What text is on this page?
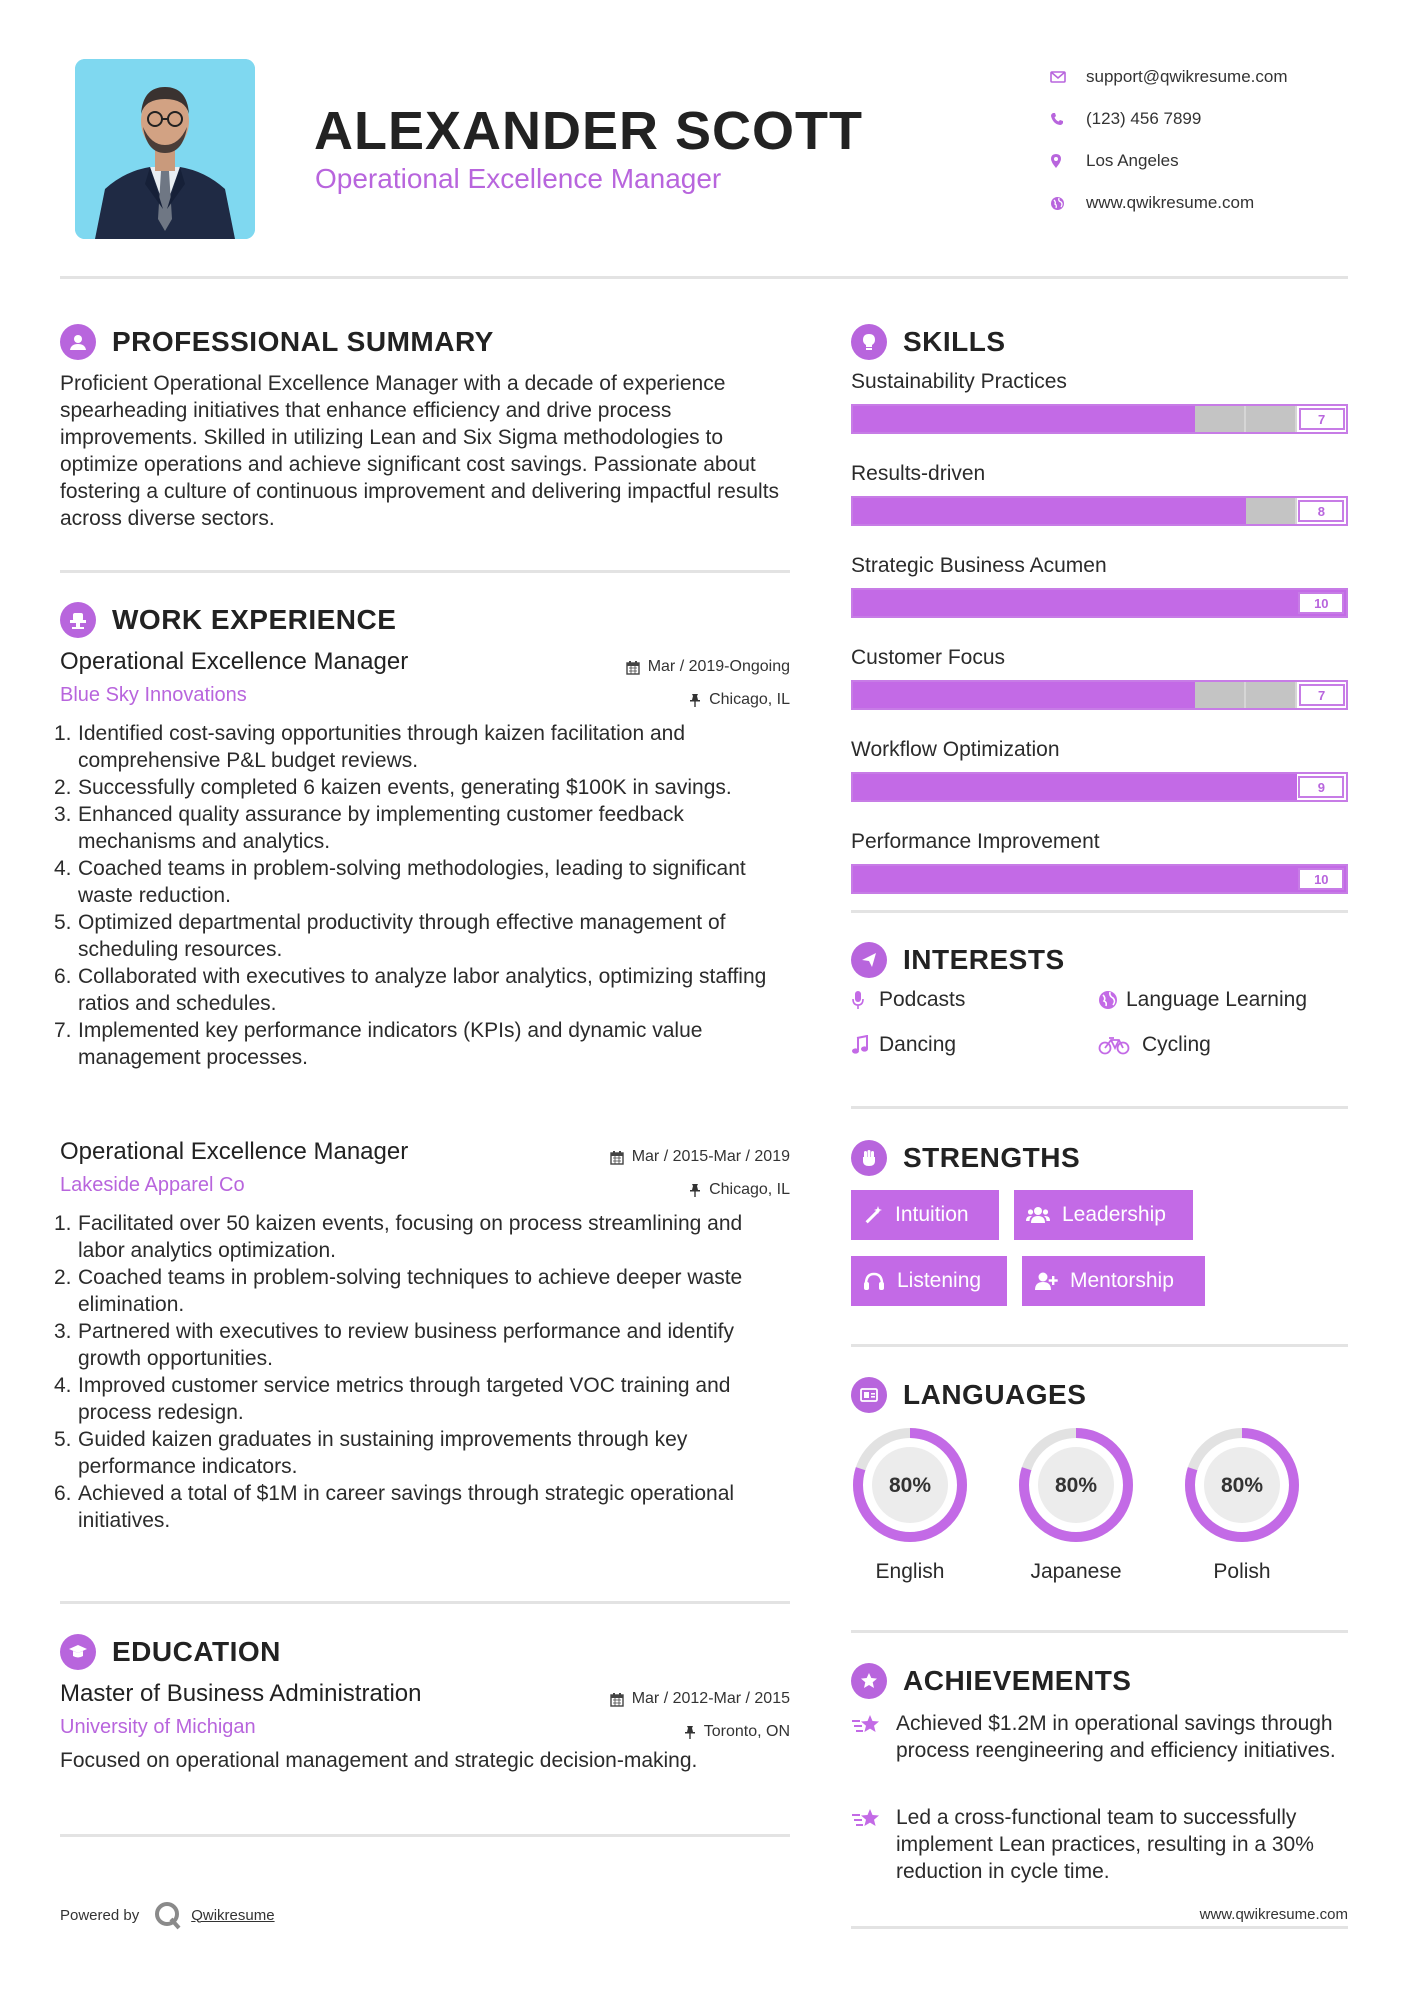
ALEXANDER SCOTT
Operational Excellence Manager
support@qwikresume.com
(123) 456 7899
Los Angeles
www.qwikresume.com
PROFESSIONAL SUMMARY
Proficient Operational Excellence Manager with a decade of experience spearheading initiatives that enhance efficiency and drive process improvements. Skilled in utilizing Lean and Six Sigma methodologies to optimize operations and achieve significant cost savings. Passionate about fostering a culture of continuous improvement and delivering impactful results across diverse sectors.
WORK EXPERIENCE
Operational Excellence Manager	Mar / 2019-Ongoing
Blue Sky Innovations	Chicago, IL
1. Identified cost-saving opportunities through kaizen facilitation and comprehensive P&L budget reviews.
2. Successfully completed 6 kaizen events, generating $100K in savings.
3. Enhanced quality assurance by implementing customer feedback mechanisms and analytics.
4. Coached teams in problem-solving methodologies, leading to significant waste reduction.
5. Optimized departmental productivity through effective management of scheduling resources.
6. Collaborated with executives to analyze labor analytics, optimizing staffing ratios and schedules.
7. Implemented key performance indicators (KPIs) and dynamic value management processes.
Operational Excellence Manager	Mar / 2015-Mar / 2019
Lakeside Apparel Co	Chicago, IL
1. Facilitated over 50 kaizen events, focusing on process streamlining and labor analytics optimization.
2. Coached teams in problem-solving techniques to achieve deeper waste elimination.
3. Partnered with executives to review business performance and identify growth opportunities.
4. Improved customer service metrics through targeted VOC training and process redesign.
5. Guided kaizen graduates in sustaining improvements through key performance indicators.
6. Achieved a total of $1M in career savings through strategic operational initiatives.
EDUCATION
Master of Business Administration	Mar / 2012-Mar / 2015
University of Michigan	Toronto, ON
Focused on operational management and strategic decision-making.
SKILLS
Sustainability Practices
7
Results-driven
8
Strategic Business Acumen
10
Customer Focus
7
Workflow Optimization
9
Performance Improvement
10
INTERESTS
Podcasts	Language Learning
Dancing	Cycling
STRENGTHS
Intuition	Leadership
Listening	Mentorship
LANGUAGES
80%
English
80%
Japanese
80%
Polish
ACHIEVEMENTS
Achieved $1.2M in operational savings through process reengineering and efficiency initiatives.
Led a cross-functional team to successfully implement Lean practices, resulting in a 30% reduction in cycle time.
Powered by	Qwikresume	www.qwikresume.com
